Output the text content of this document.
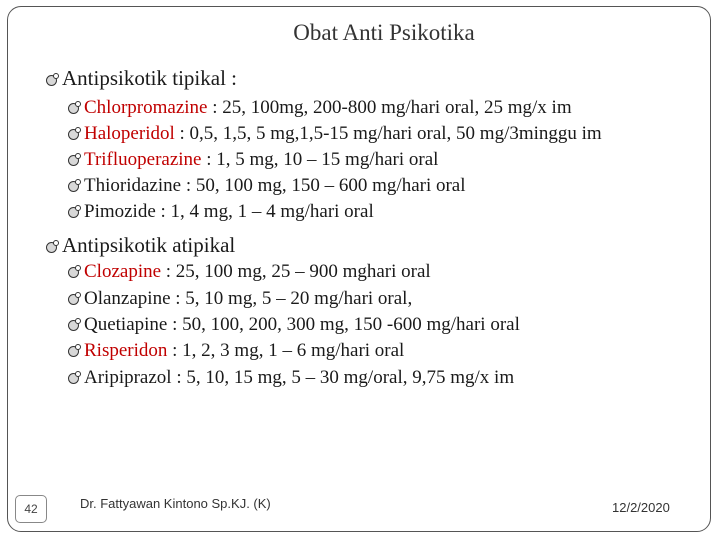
Obat Anti Psikotika
Antipsikotik tipikal :
Chlorpromazine : 25, 100mg, 200-800 mg/hari oral, 25 mg/x im
Haloperidol : 0,5, 1,5, 5 mg,1,5-15 mg/hari oral, 50 mg/3minggu im
Trifluoperazine : 1, 5 mg, 10 – 15 mg/hari oral
Thioridazine : 50, 100 mg, 150 – 600 mg/hari oral
Pimozide : 1, 4 mg, 1 – 4 mg/hari oral
Antipsikotik atipikal
Clozapine : 25, 100 mg, 25 – 900 mghari oral
Olanzapine : 5, 10 mg, 5 – 20 mg/hari oral,
Quetiapine : 50, 100, 200, 300 mg, 150 -600 mg/hari oral
Risperidon : 1, 2, 3 mg, 1 – 6 mg/hari oral
Aripiprazol : 5, 10, 15 mg, 5 – 30 mg/oral, 9,75 mg/x im
42	Dr. Fattyawan Kintono Sp.KJ. (K)	12/2/2020
